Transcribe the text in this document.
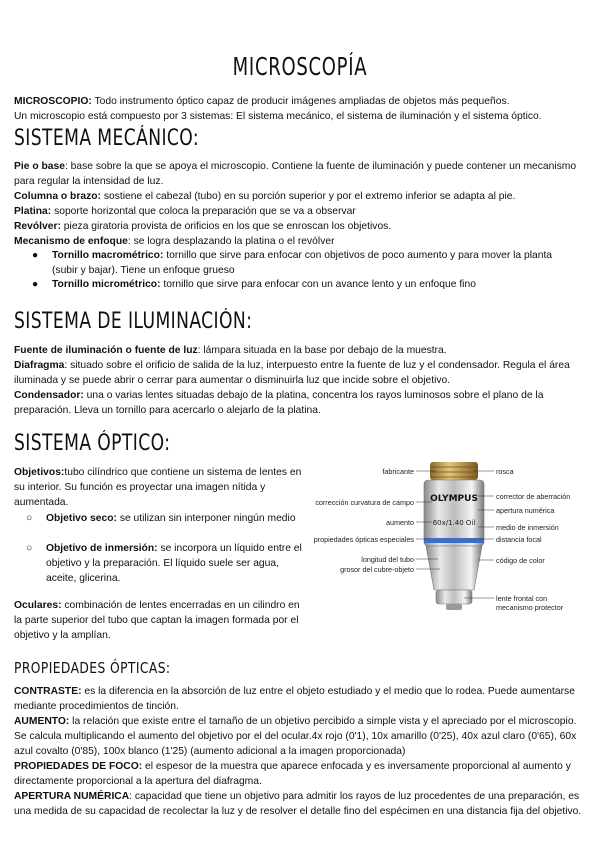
MICROSCOPÍA

MICROSCOPIO: Todo instrumento óptico capaz de producir imágenes ampliadas de objetos más pequeños.
Un microscopio está compuesto por 3 sistemas: El sistema mecánico, el sistema de iluminación y el sistema óptico.

SISTEMA MECÁNICO:

Pie o base: base sobre la que se apoya el microscopio. Contiene la fuente de iluminación y puede contener un mecanismo para regular la intensidad de luz.

Columna o brazo: sostiene el cabezal (tubo) en su porción superior y por el extremo inferior se adapta al pie.

Platina: soporte horizontal que coloca la preparación que se va a observar

Revólver: pieza giratoria provista de orificios en los que se enroscan los objetivos.

Mecanismo de enfoque: se logra desplazando la platina o el revólver

●	Tornillo macrométrico: tornillo que sirve para enfocar con objetivos de poco aumento y para mover la planta (subir y bajar). Tiene un enfoque grueso
●	Tornillo micrométrico: tornillo que sirve para enfocar con un avance lento y un enfoque fino
SISTEMA DE ILUMINACIÓN:

Fuente de iluminación o fuente de luz: lámpara situada en la base por debajo de la muestra.

Diafragma: situado sobre el orificio de salida de la luz, interpuesto entre la fuente de luz y el condensador. Regula el área iluminada y se puede abrir o cerrar para aumentar o disminuirla luz que incide sobre el objetivo.

Condensador: una o varias lentes situadas debajo de la platina, concentra los rayos luminosos sobre el plano de la preparación. Lleva un tornillo para acercarlo o alejarlo de la platina.

SISTEMA ÓPTICO:
Objetivos:tubo cilíndrico que contiene un sistema de lentes en su interior. Su función es proyectar una imagen nítida y aumentada.
○ Objetivo seco: se utilizan sin interponer ningún medio
○ Objetivo de inmersión: se incorpora un líquido entre el objetivo y la preparación. El líquido suele ser agua, aceite, glicerina.
Oculares: combinación de lentes encerradas en un cilindro en la parte superior del tubo que captan la imagen formada por el objetivo y la amplían.
OLYMPUS
60x/1.40 Oil
fabricante
corrección curvatura de campo
aumento
propiedades ópticas especiales
longitud del tubo
grosor del cubre-objeto
rosca
corrector de aberración
apertura numérica
medio de inmersión
distancia focal
código de color
lente frontal con
mecanismo protector
PROPIEDADES ÓPTICAS:

CONTRASTE: es la diferencia en la absorción de luz entre el objeto estudiado y el medio que lo rodea. Puede aumentarse mediante procedimientos de tinción.

AUMENTO: la relación que existe entre el tamaño de un objetivo percibido a simple vista y el apreciado por el microscopio. Se calcula multiplicando el aumento del objetivo por el del ocular.4x rojo (0'1), 10x amarillo (0'25), 40x azul claro (0'65), 60x azul covalto (0'85), 100x blanco (1'25) (aumento adicional a la imagen proporcionada)

PROPIEDADES DE FOCO: el espesor de la muestra que aparece enfocada y es inversamente proporcional al aumento y directamente proporcional a la apertura del diafragma.

APERTURA NUMÉRICA: capacidad que tiene un objetivo para admitir los rayos de luz procedentes de una preparación, es una medida de su capacidad de recolectar la luz y de resolver el detalle fino del espécimen en una distancia fija del objetivo.
